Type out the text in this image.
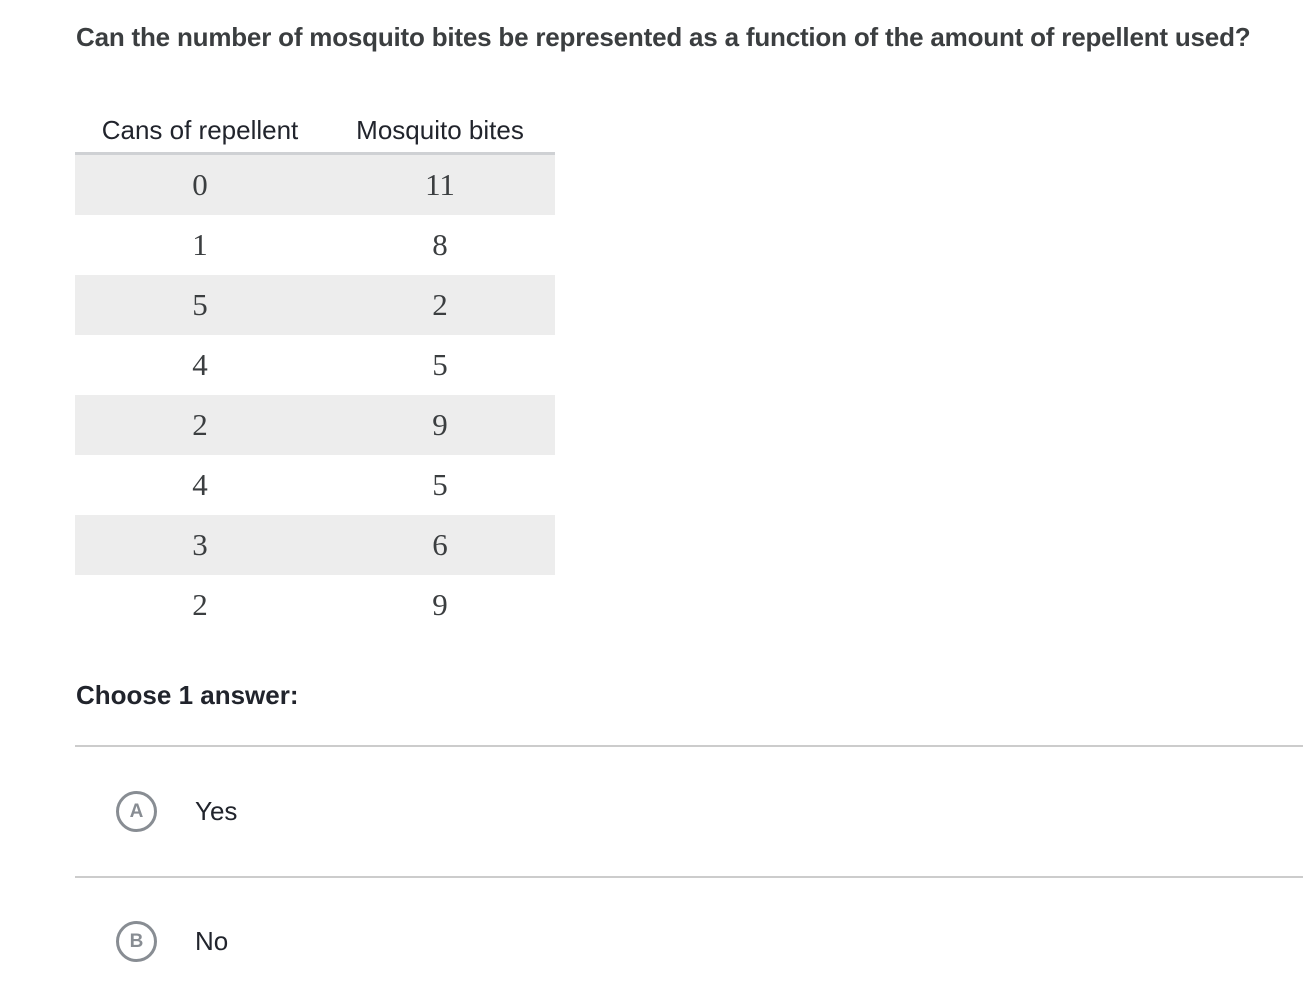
Can the number of mosquito bites be represented as a function of the amount of repellent used?
Cans of repellent	Mosquito bites
0	11
1	8
5	2
4	5
2	9
4	5
3	6
2	9
Choose 1 answer:
A	Yes
B	No
